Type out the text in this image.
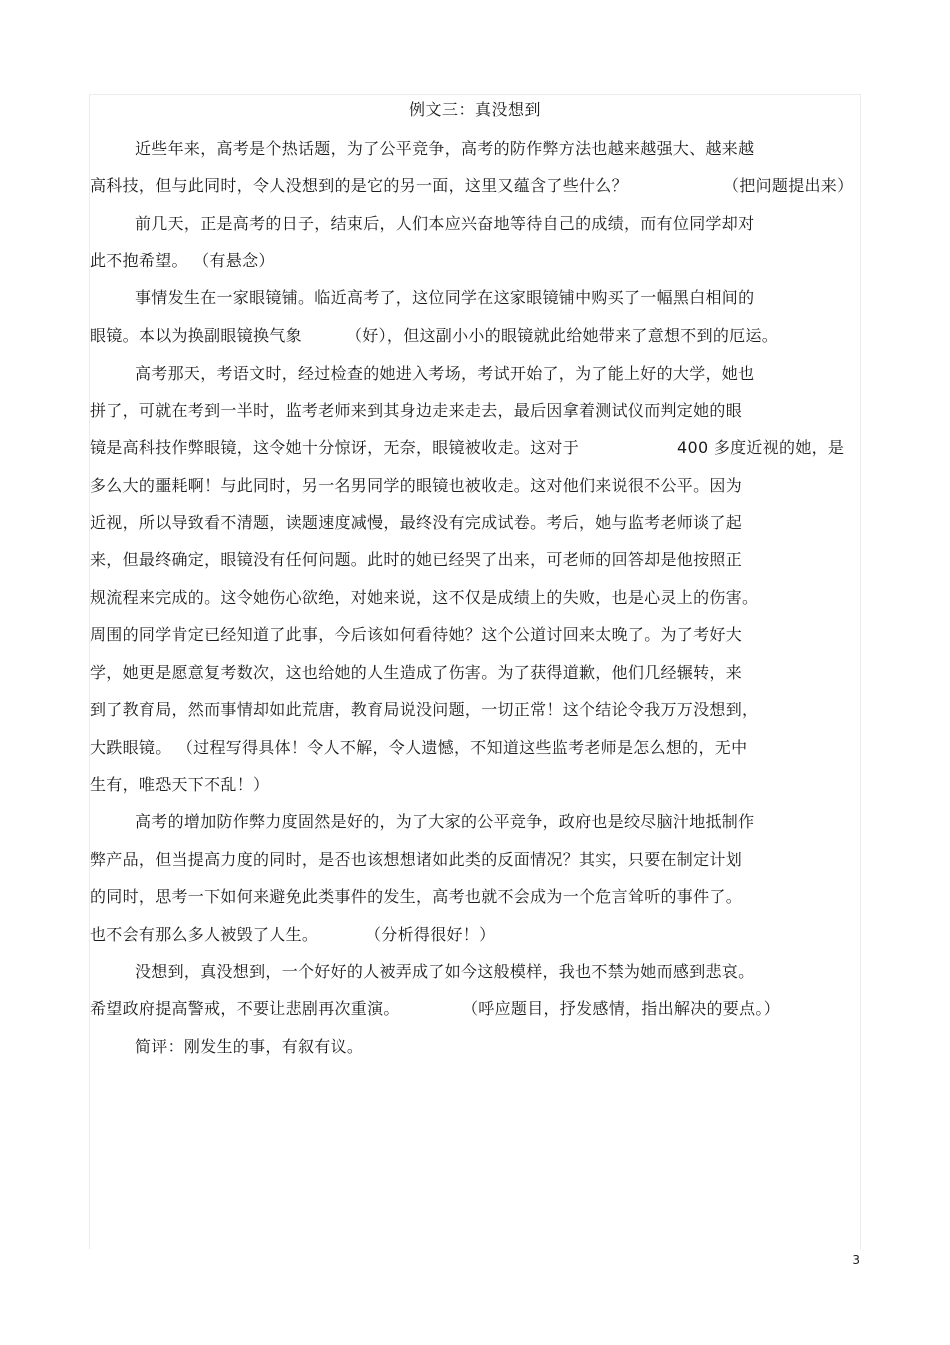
例文三：真没想到
近些年来，高考是个热话题，为了公平竞争，高考的防作弊方法也越来越强大、越来越
高科技，但与此同时，令人没想到的是它的另一面，这里又蕴含了些什么？	（把问题提出来）
前几天，正是高考的日子，结束后，人们本应兴奋地等待自己的成绩，而有位同学却对
此不抱希望。 （有悬念）
事情发生在一家眼镜铺。临近高考了，这位同学在这家眼镜铺中购买了一幅黑白相间的
眼镜。本以为换副眼镜换气象	（好），但这副小小的眼镜就此给她带来了意想不到的厄运。
高考那天，考语文时，经过检查的她进入考场，考试开始了，为了能上好的大学，她也
拼了，可就在考到一半时，监考老师来到其身边走来走去，最后因拿着测试仪而判定她的眼
镜是高科技作弊眼镜，这令她十分惊讶，无奈，眼镜被收走。这对于	400 多度近视的她，是
多么大的噩耗啊！与此同时，另一名男同学的眼镜也被收走。这对他们来说很不公平。因为
近视，所以导致看不清题，读题速度减慢，最终没有完成试卷。考后，她与监考老师谈了起
来，但最终确定，眼镜没有任何问题。此时的她已经哭了出来，可老师的回答却是他按照正
规流程来完成的。这令她伤心欲绝，对她来说，这不仅是成绩上的失败，也是心灵上的伤害。
周围的同学肯定已经知道了此事，今后该如何看待她？这个公道讨回来太晚了。为了考好大
学，她更是愿意复考数次，这也给她的人生造成了伤害。为了获得道歉，他们几经辗转，来
到了教育局，然而事情却如此荒唐，教育局说没问题，一切正常！这个结论令我万万没想到，
大跌眼镜。 （过程写得具体！令人不解，令人遗憾，不知道这些监考老师是怎么想的，无中
生有，唯恐天下不乱！）
高考的增加防作弊力度固然是好的，为了大家的公平竞争，政府也是绞尽脑汁地抵制作
弊产品，但当提高力度的同时，是否也该想想诸如此类的反面情况？其实，只要在制定计划
的同时，思考一下如何来避免此类事件的发生，高考也就不会成为一个危言耸听的事件了。
也不会有那么多人被毁了人生。	（分析得很好！）
没想到，真没想到，一个好好的人被弄成了如今这般模样，我也不禁为她而感到悲哀。
希望政府提高警戒，不要让悲剧再次重演。	（呼应题目，抒发感情，指出解决的要点。）
简评：刚发生的事，有叙有议。
3
